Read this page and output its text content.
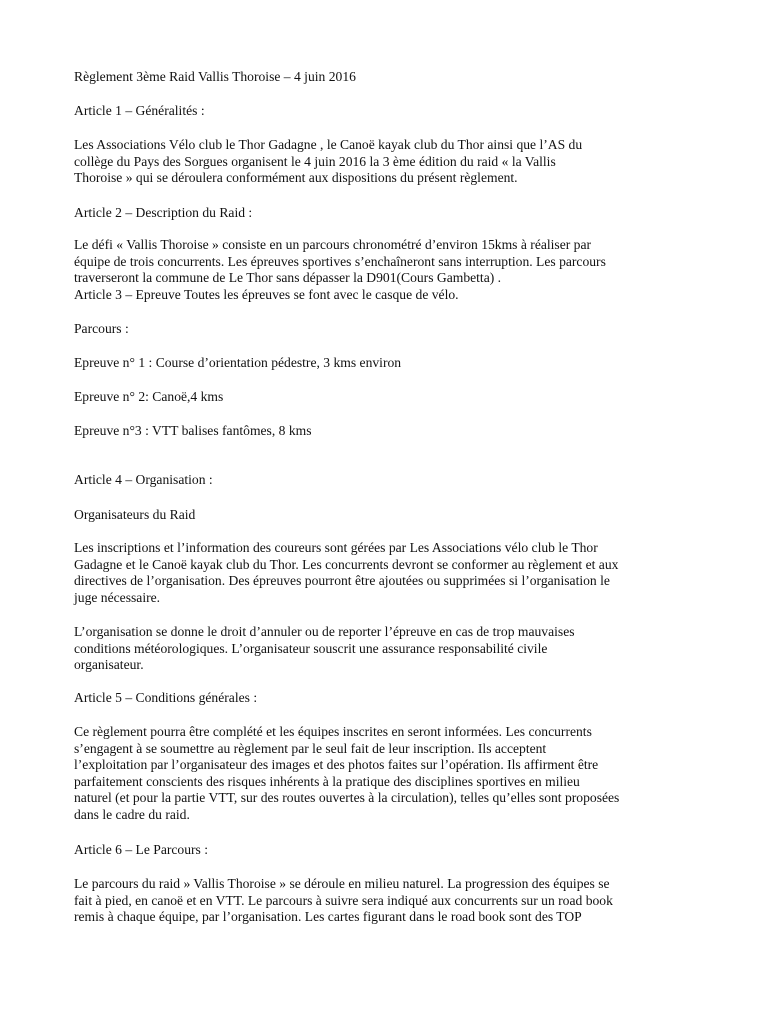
Règlement 3ème Raid Vallis Thoroise – 4 juin 2016
Article 1 – Généralités :
Les Associations Vélo club le Thor Gadagne , le Canoë kayak club du Thor ainsi que l’AS du
collège du Pays des Sorgues organisent le 4 juin 2016 la 3 ème édition du raid « la Vallis
Thoroise » qui se déroulera conformément aux dispositions du présent règlement.
Article 2 – Description du Raid :
Le défi « Vallis Thoroise » consiste en un parcours chronométré d’environ 15kms à réaliser par
équipe de trois concurrents. Les épreuves sportives s’enchaîneront sans interruption. Les parcours
traverseront la commune de Le Thor sans dépasser la D901(Cours Gambetta) .
Article 3 – Epreuve Toutes les épreuves se font avec le casque de vélo.
Parcours :
Epreuve n° 1 : Course d’orientation pédestre, 3 kms environ
Epreuve n° 2: Canoë,4 kms
Epreuve n°3 : VTT balises fantômes, 8 kms
Article 4 – Organisation :
Organisateurs du Raid
Les inscriptions et l’information des coureurs sont gérées par Les Associations vélo club le Thor
Gadagne et le Canoë kayak club du Thor. Les concurrents devront se conformer au règlement et aux
directives de l’organisation. Des épreuves pourront être ajoutées ou supprimées si l’organisation le
juge nécessaire.
L’organisation se donne le droit d’annuler ou de reporter l’épreuve en cas de trop mauvaises
conditions météorologiques. L’organisateur souscrit une assurance responsabilité civile
organisateur.
Article 5 – Conditions générales :
Ce règlement pourra être complété et les équipes inscrites en seront informées. Les concurrents
s’engagent à se soumettre au règlement par le seul fait de leur inscription. Ils acceptent
l’exploitation par l’organisateur des images et des photos faites sur l’opération. Ils affirment être
parfaitement conscients des risques inhérents à la pratique des disciplines sportives en milieu
naturel (et pour la partie VTT, sur des routes ouvertes à la circulation), telles qu’elles sont proposées
dans le cadre du raid.
Article 6 – Le Parcours :
Le parcours du raid » Vallis Thoroise » se déroule en milieu naturel. La progression des équipes se
fait à pied, en canoë et en VTT. Le parcours à suivre sera indiqué aux concurrents sur un road book
remis à chaque équipe, par l’organisation. Les cartes figurant dans le road book sont des TOP
